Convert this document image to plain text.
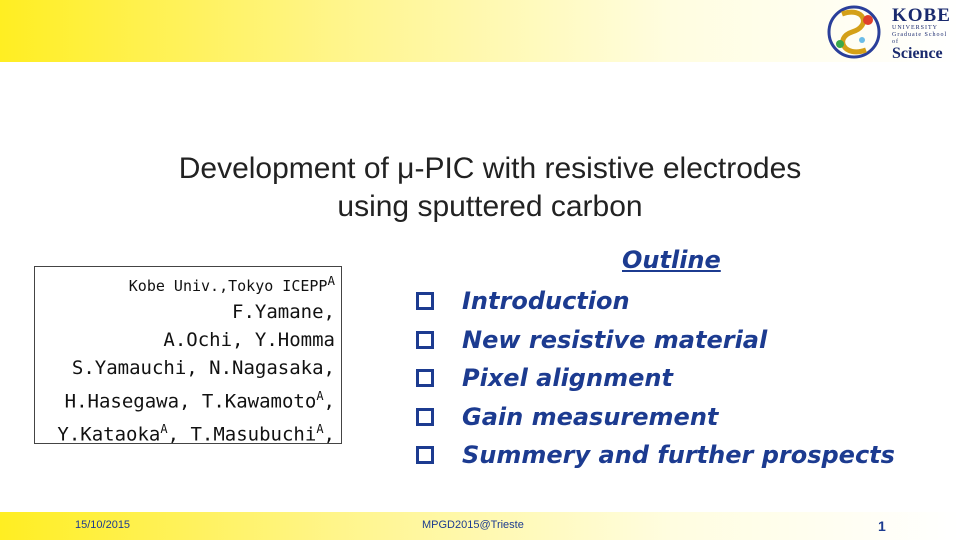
KOBE
UNIVERSITY
Graduate School of
Science
Development of μ-PIC with resistive electrodes
using sputtered carbon
Kobe Univ.,Tokyo $ICEPP^A$
F.Yamane,
A.Ochi, Y.Homma
S.Yamauchi, N.Nagasaka,
H.Hasegawa, T.Kawamoto$^A$,
Y.Kataoka$^A$, T.Masubuchi$^A$,
Outline
Introduction
New resistive material
Pixel alignment
Gain measurement
Summery and further prospects
15/10/2015	MPGD2015@Trieste	1
